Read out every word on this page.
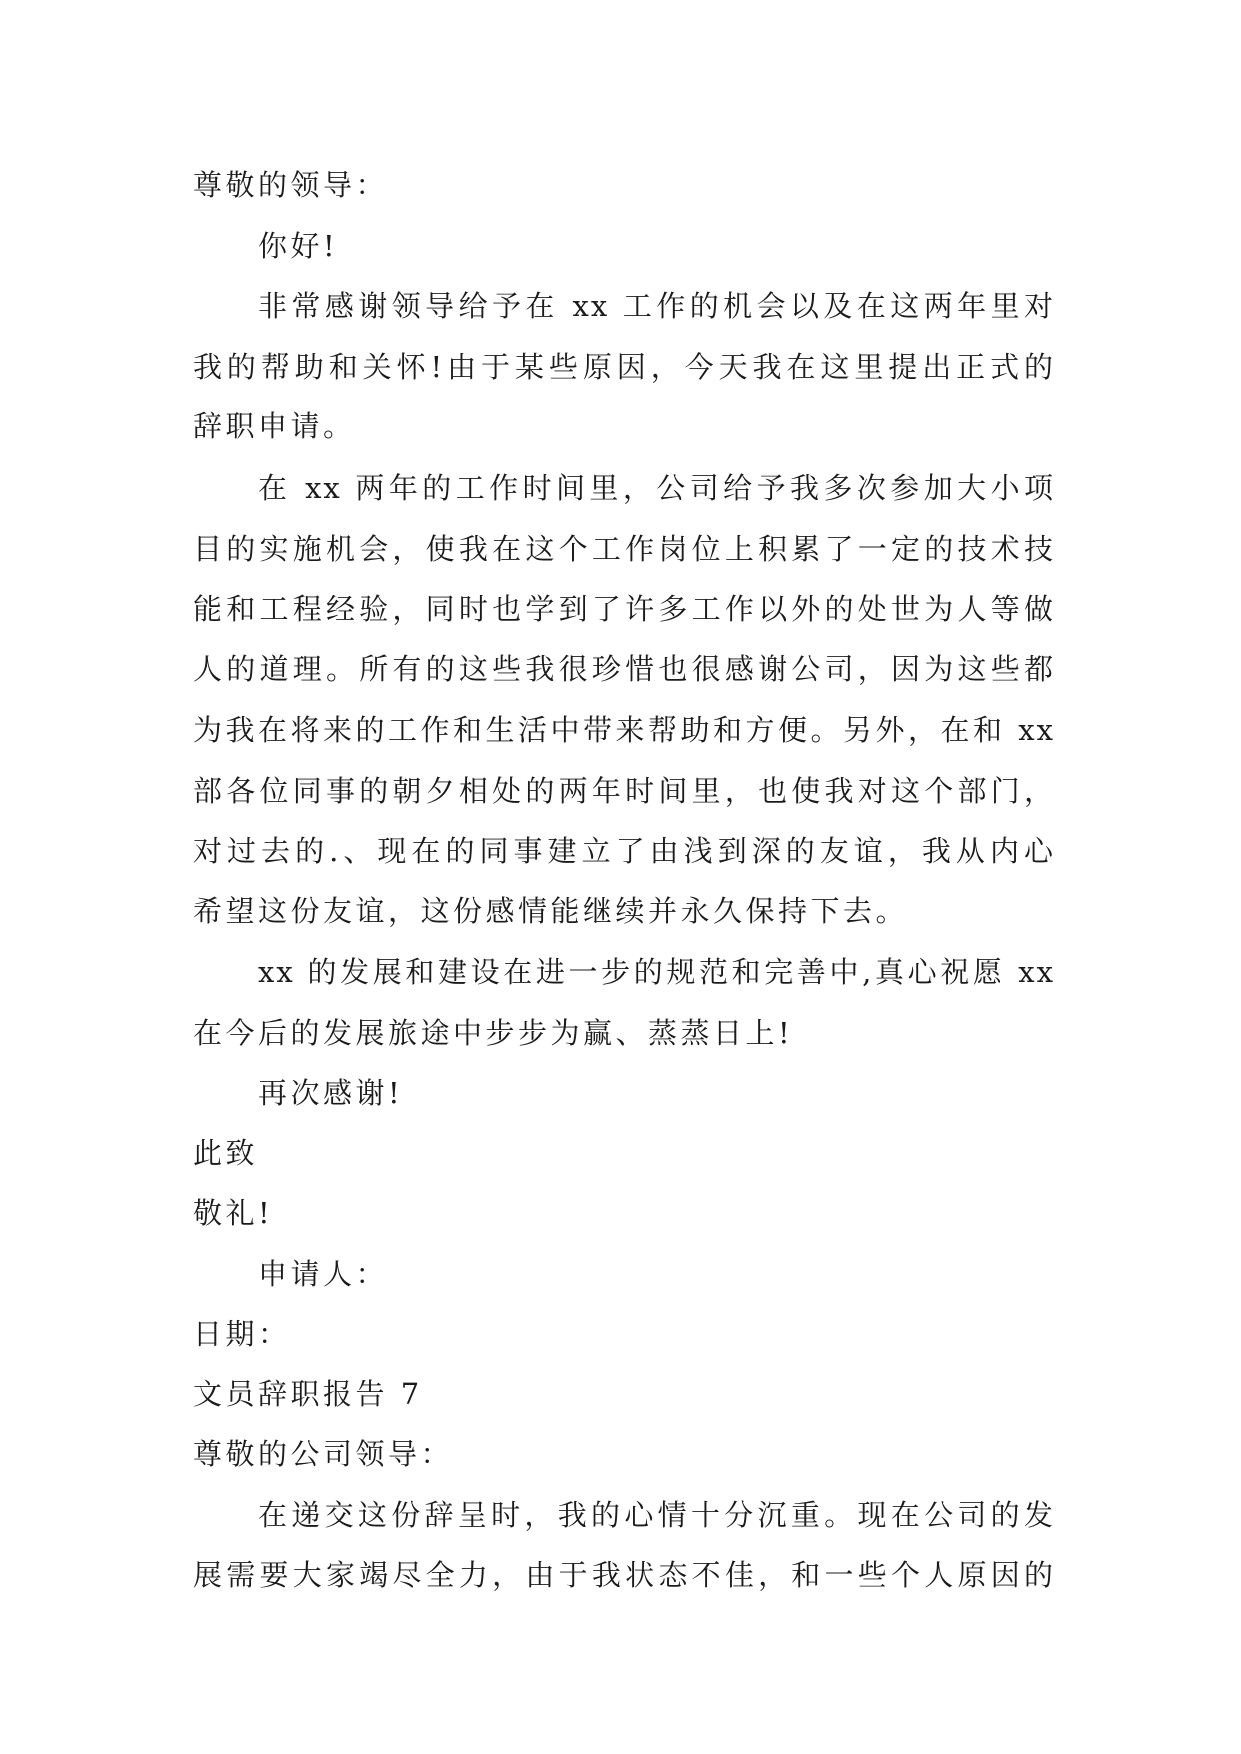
尊敬的领导：
你好!
非常感谢领导给予在 xx 工作的机会以及在这两年里对
我的帮助和关怀!由于某些原因，今天我在这里提出正式的
辞职申请。
在 xx 两年的工作时间里，公司给予我多次参加大小项
目的实施机会，使我在这个工作岗位上积累了一定的技术技
能和工程经验，同时也学到了许多工作以外的处世为人等做
人的道理。所有的这些我很珍惜也很感谢公司，因为这些都
为我在将来的工作和生活中带来帮助和方便。另外，在和 xx
部各位同事的朝夕相处的两年时间里，也使我对这个部门，
对过去的.、现在的同事建立了由浅到深的友谊，我从内心
希望这份友谊，这份感情能继续并永久保持下去。
xx 的发展和建设在进一步的规范和完善中,真心祝愿 xx
在今后的发展旅途中步步为赢、蒸蒸日上!
再次感谢!
此致
敬礼!
申请人：
日期：
文员辞职报告 7
尊敬的公司领导：
在递交这份辞呈时，我的心情十分沉重。现在公司的发
展需要大家竭尽全力，由于我状态不佳，和一些个人原因的
